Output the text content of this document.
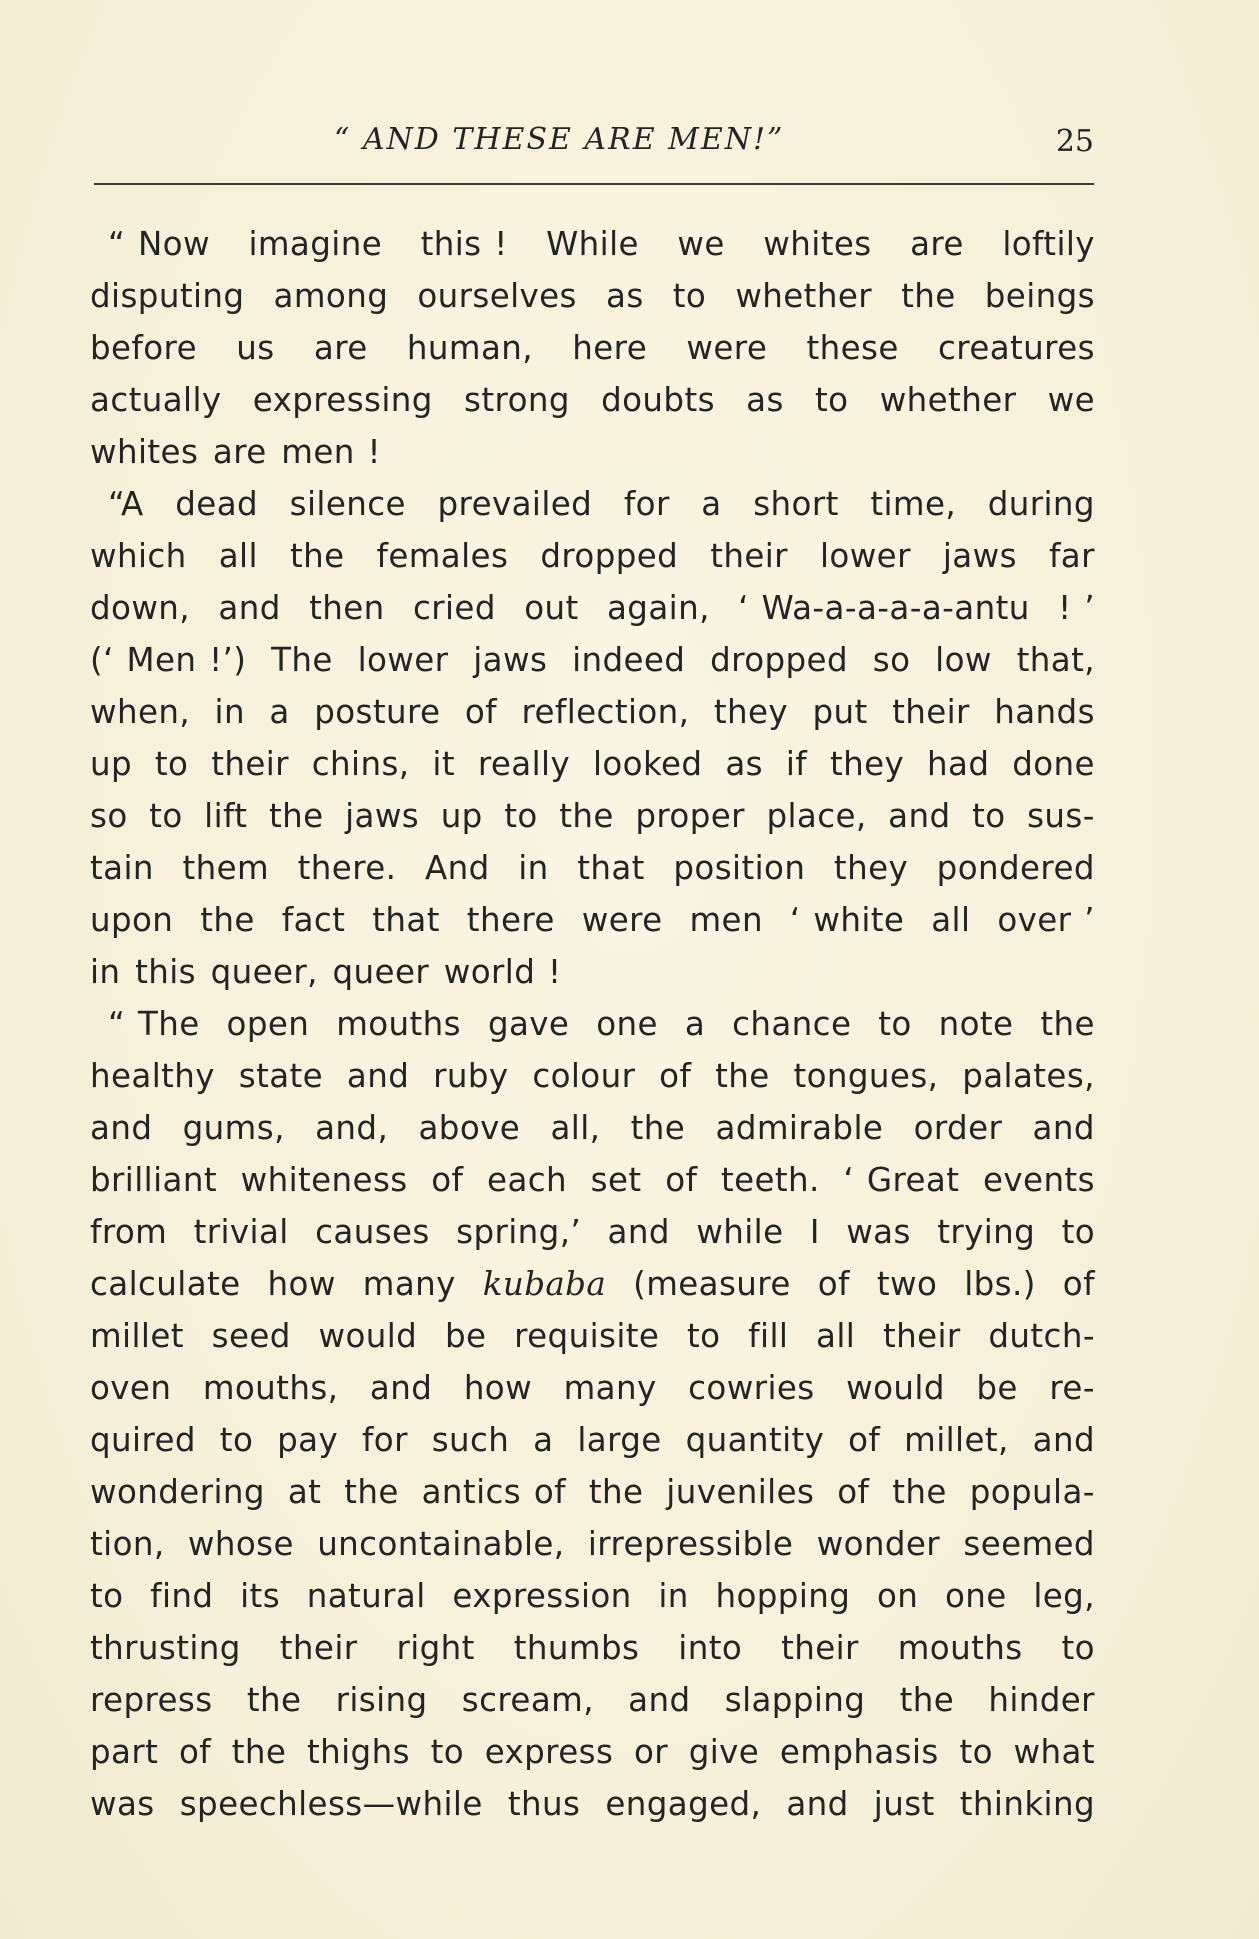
“ AND THESE ARE MEN!”	25
“ Now imagine this ! While we whites are loftily
disputing among ourselves as to whether the beings
before us are human, here were these creatures
actually expressing strong doubts as to whether we
whites are men !
“A dead silence prevailed for a short time, during
which all the females dropped their lower jaws far
down, and then cried out again, ‘ Wa-a-a-a-a-antu ! ’
(‘ Men !’) The lower jaws indeed dropped so low that,
when, in a posture of reflection, they put their hands
up to their chins, it really looked as if they had done
so to lift the jaws up to the proper place, and to sus-
tain them there. And in that position they pondered
upon the fact that there were men ‘ white all over ’
in this queer, queer world !
“ The open mouths gave one a chance to note the
healthy state and ruby colour of the tongues, palates,
and gums, and, above all, the admirable order and
brilliant whiteness of each set of teeth. ‘ Great events
from trivial causes spring,’ and while I was trying to
calculate how many kubaba (measure of two lbs.) of
millet seed would be requisite to fill all their dutch-
oven mouths, and how many cowries would be re-
quired to pay for such a large quantity of millet, and
wondering at the antics of the juveniles of the popula-
tion, whose uncontainable, irrepressible wonder seemed
to find its natural expression in hopping on one leg,
thrusting their right thumbs into their mouths to
repress the rising scream, and slapping the hinder
part of the thighs to express or give emphasis to what
was speechless—while thus engaged, and just thinking
